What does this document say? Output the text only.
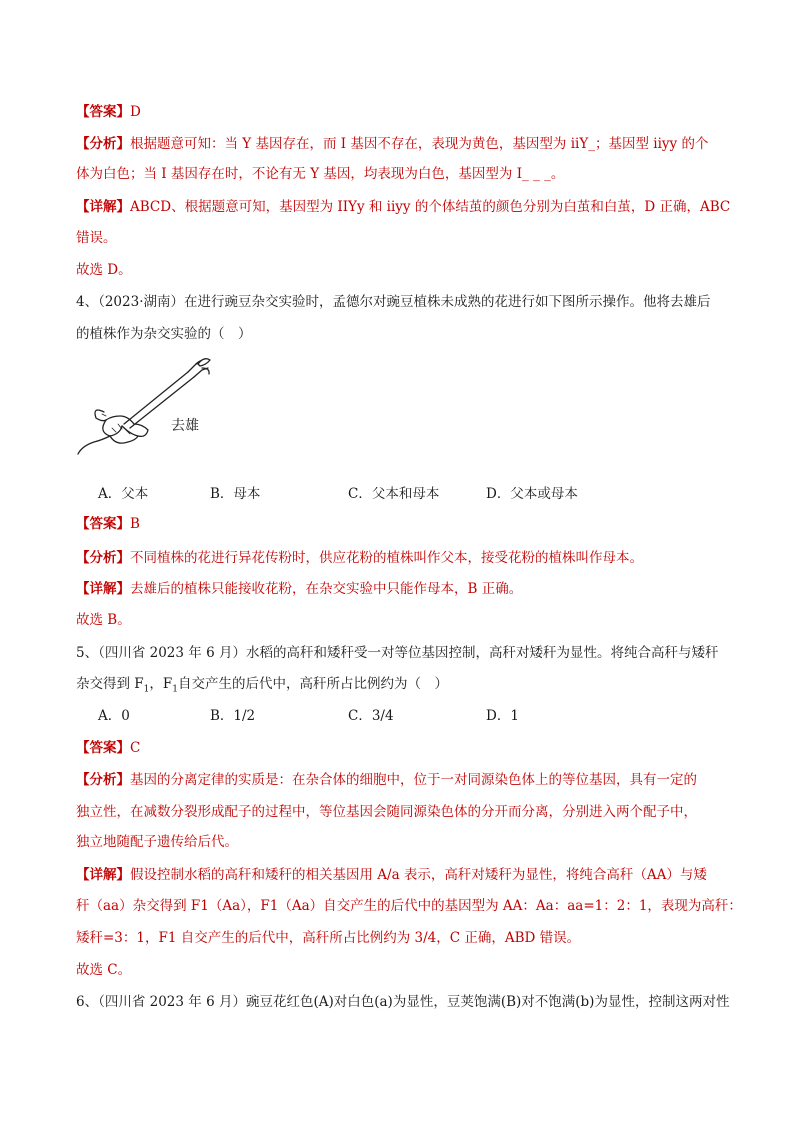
【答案】D
【分析】根据题意可知：当 Y 基因存在，而 I 基因不存在，表现为黄色，基因型为 iiY_；基因型 iiyy 的个
体为白色；当 I 基因存在时，不论有无 Y 基因，均表现为白色，基因型为 I_ _ _。
【详解】ABCD、根据题意可知，基因型为 IIYy 和 iiyy 的个体结茧的颜色分别为白茧和白茧，D 正确，ABC
错误。
故选 D。
4、（2023·湖南）在进行豌豆杂交实验时，孟德尔对豌豆植株未成熟的花进行如下图所示操作。他将去雄后
的植株作为杂交实验的（　）
去雄
A．父本	B．母本	C．父本和母本	D．父本或母本
【答案】B
【分析】不同植株的花进行异花传粉时，供应花粉的植株叫作父本，接受花粉的植株叫作母本。
【详解】去雄后的植株只能接收花粉，在杂交实验中只能作母本，B 正确。
故选 B。
5、（四川省 2023 年 6 月）水稻的高秆和矮秆受一对等位基因控制，高秆对矮秆为显性。将纯合高秆与矮秆
杂交得到 $F_1$，$F_1$自交产生的后代中，高秆所占比例约为（　）
A．0	B．1/2	C．3/4	D．1
【答案】C
【分析】基因的分离定律的实质是：在杂合体的细胞中，位于一对同源染色体上的等位基因，具有一定的
独立性，在减数分裂形成配子的过程中，等位基因会随同源染色体的分开而分离，分别进入两个配子中，
独立地随配子遗传给后代。
【详解】假设控制水稻的高秆和矮秆的相关基因用 A/a 表示，高秆对矮秆为显性，将纯合高秆（AA）与矮
秆（aa）杂交得到 F1（Aa），F1（Aa）自交产生的后代中的基因型为 AA：Aa：aa=1：2：1，表现为高秆：
矮秆=3：1，F1 自交产生的后代中，高秆所占比例约为 3/4，C 正确，ABD 错误。
故选 C。
6、（四川省 2023 年 6 月）豌豆花红色(A)对白色(a)为显性，豆荚饱满(B)对不饱满(b)为显性，控制这两对性
